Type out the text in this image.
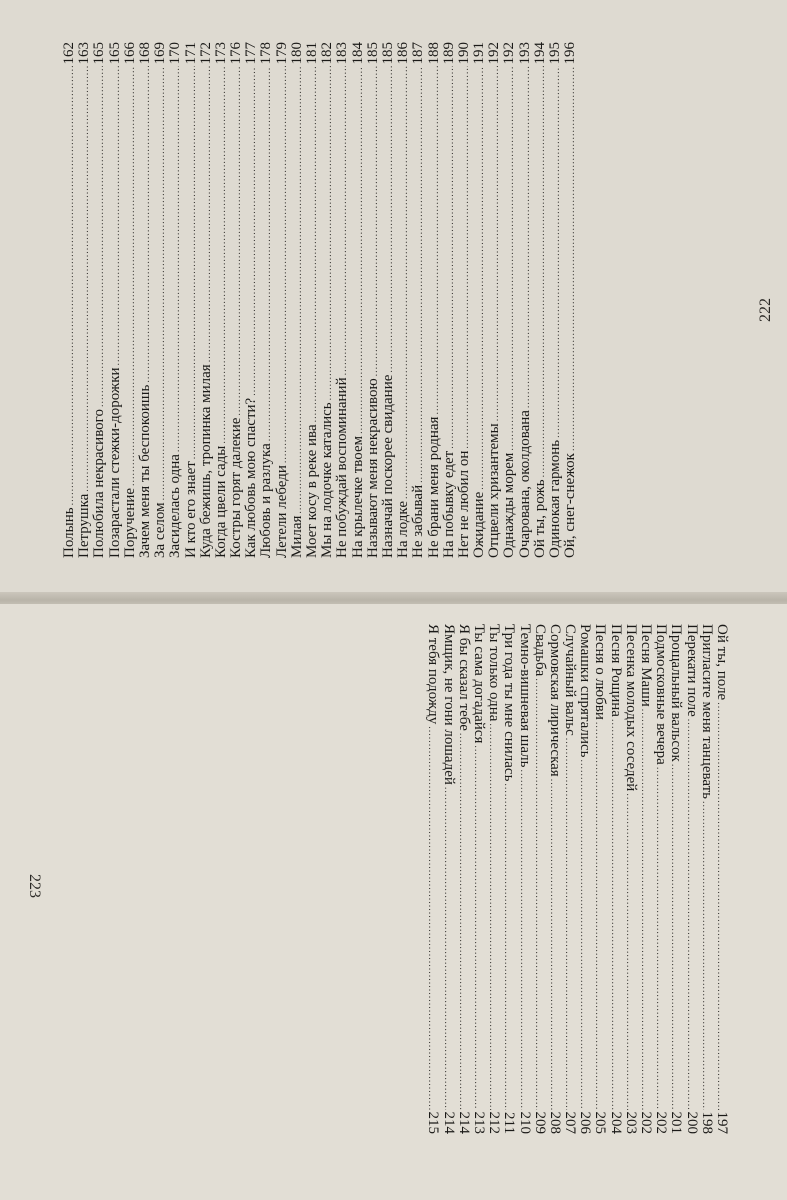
Полынь
.....
162
Петрушка
.....
163
Полюбила некрасивого
.....
165
Позарастали стежки-дорожки
.....
165
Поручение
.....
166
Зачем меня ты беспокоишь
.....
168
За селом
.....
169
Засиделась одна
.....
170
И кто его знает
.....
171
Куда бежишь, тропинка милая
.....
172
Когда цвели сады
.....
173
Костры горят далекие
.....
176
Как любовь мою спасти?
.....
177
Любовь и разлука
.....
178
Летели лебеди
.....
179
Милая
.....
180
Моет косу в реке ива
.....
181
Мы на лодочке катались
.....
182
Не побуждай воспоминаний
.....
183
На крылечке твоем
.....
184
Называют меня некрасивою
.....
185
Назначай поскорее свидание
.....
185
На лодке
.....
186
Не забывай
.....
187
Не брани меня родная
.....
188
На побывку едет
.....
189
Нет не любил он
.....
190
Ожидание
.....
191
Отцвели хризантемы
.....
192
Однажды морем
.....
192
Очарована, околдована
.....
193
Ой ты, рожь
.....
194
Одинокая гармонь
.....
195
Ой, снег-снежок
.....
196
222
Ой ты, поле
.....
197
Пригласите меня танцевать
.....
198
Перекати поле
.....
200
Прощальный вальсок
.....
201
Подмосковные вечера
.....
202
Песня Маши
.....
202
Песенка молодых соседей
.....
203
Песня Рощина
.....
204
Песня о любви
.....
205
Ромашки спрятались
.....
206
Случайный вальс
.....
207
Сормовская лирическая
.....
208
Свадьба
.....
209
Темно-вишневая шаль
.....
210
Три года ты мне снилась
.....
211
Ты только одна
.....
212
Ты сама догадайся
.....
213
Я бы сказал тебе
.....
214
Ямщик, не гони лошадей
.....
214
Я тебя подожду
.....
215
223
